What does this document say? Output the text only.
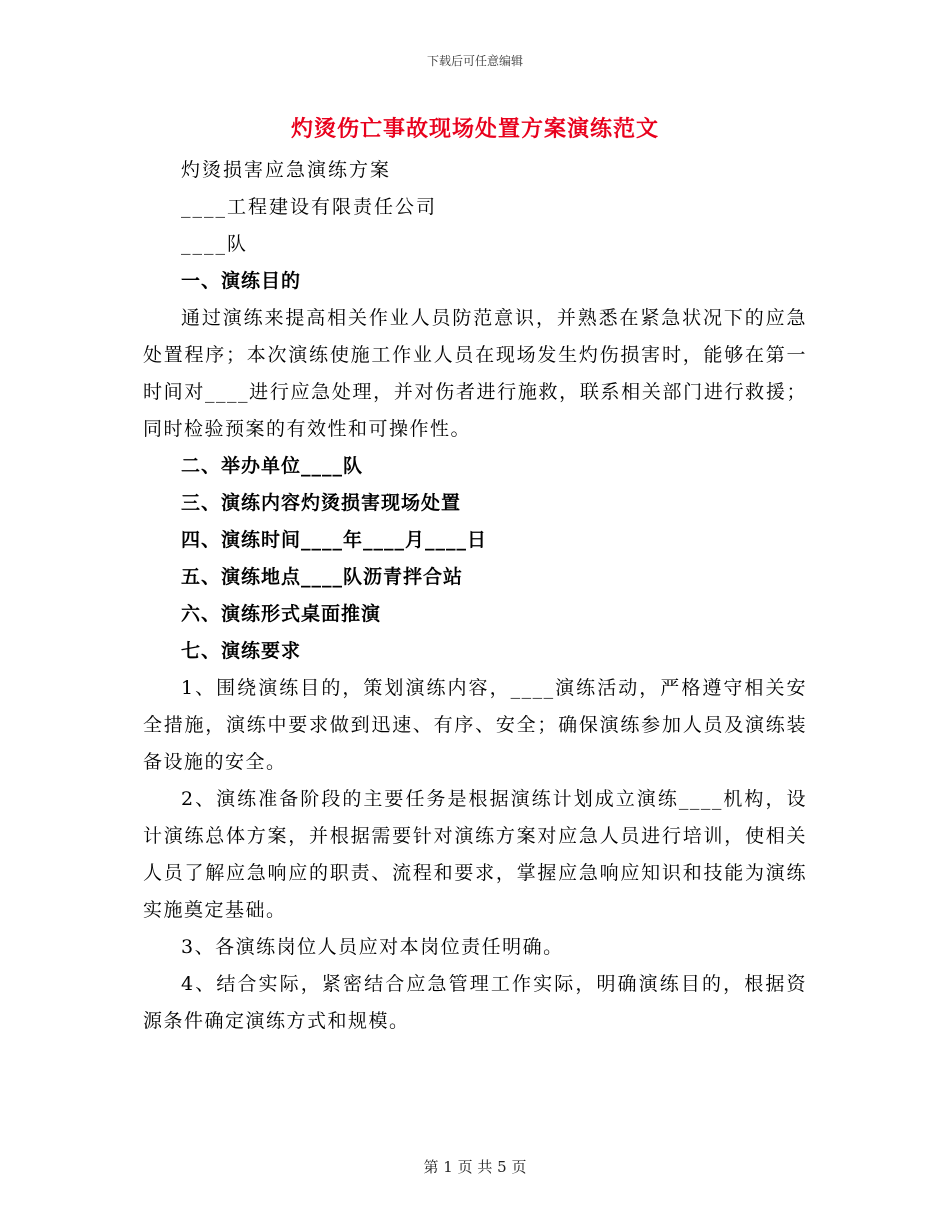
下载后可任意编辑
灼烫伤亡事故现场处置方案演练范文

灼烫损害应急演练方案

____工程建设有限责任公司

____队

一、演练目的

通过演练来提高相关作业人员防范意识，并熟悉在紧急状况下的应急处置程序；本次演练使施工作业人员在现场发生灼伤损害时，能够在第一时间对____进行应急处理，并对伤者进行施救，联系相关部门进行救援；同时检验预案的有效性和可操作性。

二、举办单位____队

三、演练内容灼烫损害现场处置

四、演练时间____年____月____日

五、演练地点____队沥青拌合站

六、演练形式桌面推演

七、演练要求

1、围绕演练目的，策划演练内容，____演练活动，严格遵守相关安全措施，演练中要求做到迅速、有序、安全；确保演练参加人员及演练装备设施的安全。

2、演练准备阶段的主要任务是根据演练计划成立演练____机构，设计演练总体方案，并根据需要针对演练方案对应急人员进行培训，使相关人员了解应急响应的职责、流程和要求，掌握应急响应知识和技能为演练实施奠定基础。

3、各演练岗位人员应对本岗位责任明确。

4、结合实际，紧密结合应急管理工作实际，明确演练目的，根据资源条件确定演练方式和规模。

第 1 页 共 5 页
